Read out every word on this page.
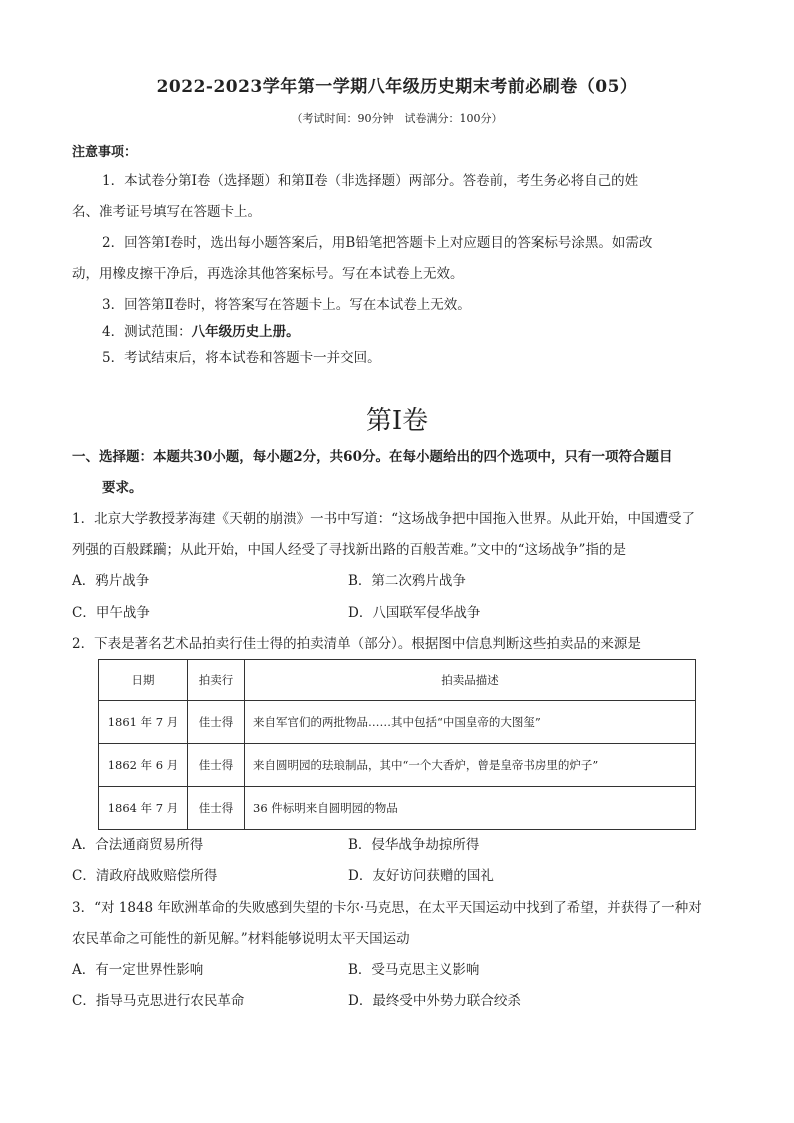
2022-2023学年第一学期八年级历史期末考前必刷卷（05）
（考试时间：90分钟　试卷满分：100分）
注意事项：
1．本试卷分第Ⅰ卷（选择题）和第Ⅱ卷（非选择题）两部分。答卷前，考生务必将自己的姓
名、准考证号填写在答题卡上。
2．回答第Ⅰ卷时，选出每小题答案后，用B铅笔把答题卡上对应题目的答案标号涂黑。如需改
动，用橡皮擦干净后，再选涂其他答案标号。写在本试卷上无效。
3．回答第Ⅱ卷时，将答案写在答题卡上。写在本试卷上无效。
4．测试范围：八年级历史上册。
5．考试结束后，将本试卷和答题卡一并交回。
第Ⅰ卷
一、选择题：本题共30小题，每小题2分，共60分。在每小题给出的四个选项中，只有一项符合题目
要求。
1．北京大学教授茅海建《天朝的崩溃》一书中写道：“这场战争把中国拖入世界。从此开始，中国遭受了
列强的百般蹂躏；从此开始，中国人经受了寻找新出路的百般苦难。”文中的“这场战争”指的是
A．鸦片战争	B．第二次鸦片战争
C．甲午战争	D．八国联军侵华战争
2．下表是著名艺术品拍卖行佳士得的拍卖清单（部分）。根据图中信息判断这些拍卖品的来源是
日期	拍卖行	拍卖品描述
1861 年 7 月	佳士得	来自军官们的两批物品……其中包括“中国皇帝的大图玺”
1862 年 6 月	佳士得	来自圆明园的珐琅制品，其中“一个大香炉，曾是皇帝书房里的炉子”
1864 年 7 月	佳士得	36 件标明来自圆明园的物品
A．合法通商贸易所得	B．侵华战争劫掠所得
C．清政府战败赔偿所得	D．友好访问获赠的国礼
3．“对 1848 年欧洲革命的失败感到失望的卡尔·马克思，在太平天国运动中找到了希望，并获得了一种对
农民革命之可能性的新见解。”材料能够说明太平天国运动
A．有一定世界性影响	B．受马克思主义影响
C．指导马克思进行农民革命	D．最终受中外势力联合绞杀
